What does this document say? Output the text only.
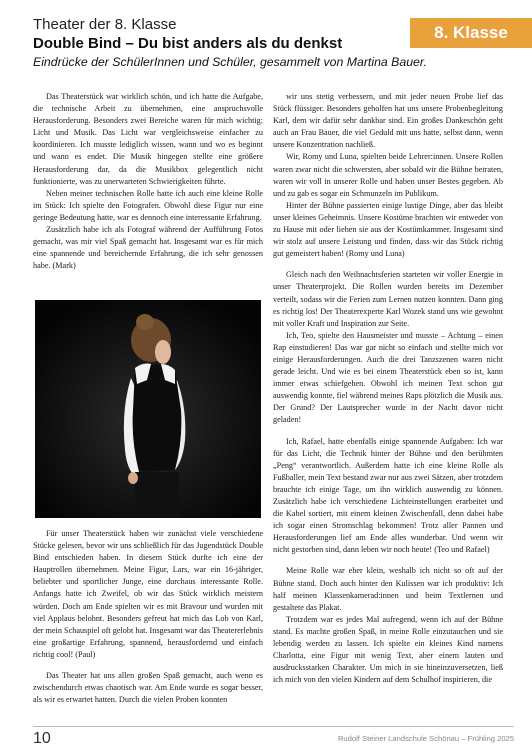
Theater der 8. Klasse
Double Bind – Du bist anders als du denkst
Eindrücke der SchülerInnen und Schüler, gesammelt von Martina Bauer.
8. Klasse

Das Theaterstück war wirklich schön, und ich hatte die Aufgabe, die technische Arbeit zu übernehmen, eine anspruchsvolle Herausforderung. Besonders zwei Bereiche waren für mich wichtig: Licht und Musik. Das Licht war vergleichsweise einfacher zu koordinieren. Ich musste lediglich wissen, wann und wo es beginnt und wann es endet. Die Musik hingegen stellte eine größere Herausforderung dar, da die Musikbox gelegentlich nicht funktionierte, was zu unerwarteten Schwierigkeiten führte.

Neben meiner technischen Rolle hatte ich auch eine kleine Rolle im Stück: Ich spielte den Fotografen. Obwohl diese Figur nur eine geringe Bedeutung hatte, war es dennoch eine interessante Erfahrung.

Zusätzlich habe ich als Fotograf während der Aufführung Fotos gemacht, was mir viel Spaß gemacht hat. Insgesamt war es für mich eine spannende und bereichernde Erfahrung, die ich sehr genossen habe. (Mark)

Für unser Theaterstück haben wir zunächst viele verschiedene Stücke gelesen, bevor wir uns schließlich für das Jugendstück Double Bind entschieden haben. In diesem Stück durfte ich eine der Hauptrollen übernehmen. Meine Figur, Lars, war ein 16-jähriger, beliebter und sportlicher Junge, eine durchaus interessante Rolle. Anfangs hatte ich Zweifel, ob wir das Stück wirklich meistern würden. Doch am Ende spielten wir es mit Bravour und wurden mit viel Applaus belohnt. Besonders gefreut hat mich das Lob von Karl, der mein Schauspiel oft gelobt hat. Insgesamt war das Theatererlebnis eine großartige Erfahrung, spannend, herausfordernd und einfach richtig cool! (Paul)

Das Theater hat uns allen großen Spaß gemacht, auch wenn es zwischendurch etwas chaotisch war. Am Ende wurde es sogar besser, als wir es erwartet hatten. Durch die vielen Proben konnten

wir uns stetig verbessern, und mit jeder neuen Probe lief das Stück flüssiger. Besonders geholfen hat uns unsere Probenbegleitung Karl, dem wir dafür sehr dankbar sind. Ein großes Dankeschön geht auch an Frau Bauer, die viel Geduld mit uns hatte, selbst dann, wenn unsere Konzentration nachließ.

Wir, Romy und Luna, spielten beide Lehrer:innen. Unsere Rollen waren zwar nicht die schwersten, aber sobald wir die Bühne betraten, waren wir voll in unserer Rolle und haben unser Bestes gegeben. Ab und zu gab es sogar ein Schmunzeln im Publikum.

Hinter der Bühne passierten einige lustige Dinge, aber das bleibt unser kleines Geheimnis. Unsere Kostüme brachten wir entweder von zu Hause mit oder liehen sie aus der Kostümkammer. Insgesamt sind wir stolz auf unsere Leistung und finden, dass wir das Stück richtig gut gemeistert haben! (Romy und Luna)

Gleich nach den Weihnachtsferien starteten wir voller Energie in unser Theaterprojekt. Die Rollen wurden bereits im Dezember verteilt, sodass wir die Ferien zum Lernen nutzen konnten. Dann ging es richtig los! Der Theaterexperte Karl Wozek stand uns wie gewohnt mit voller Kraft und Inspiration zur Seite.

Ich, Teo, spielte den Hausmeister und musste – Achtung – einen Rap einstudieren! Das war gar nicht so einfach und stellte mich vor einige Herausforderungen. Auch die drei Tanzszenen waren nicht gerade leicht. Und wie es bei einem Theaterstück eben so ist, kann immer etwas schiefgehen. Obwohl ich meinen Text schon gut auswendig konnte, fiel während meines Raps plötzlich die Musik aus. Der Grund? Der Lautsprecher wurde in der Nacht davor nicht geladen!

Ich, Rafael, hatte ebenfalls einige spannende Aufgaben: Ich war für das Licht, die Technik hinter der Bühne und den berühmten „Peng“ verantwortlich. Außerdem hatte ich eine kleine Rolle als Fußballer, mein Text bestand zwar nur aus zwei Sätzen, aber trotzdem brauchte ich einige Tage, um ihn wirklich auswendig zu können. Zusätzlich habe ich verschiedene Lichteinstellungen erarbeitet und die Kabel sortiert, mit einem kleinen Zwischenfall, denn dabei habe ich sogar einen Stromschlag bekommen! Trotz aller Pannen und Herausforderungen lief am Ende alles wunderbar. Und wenn wir nicht gestorben sind, dann leben wir noch heute! (Teo und Rafael)

Meine Rolle war eher klein, weshalb ich nicht so oft auf der Bühne stand. Doch auch hinter den Kulissen war ich produktiv: Ich half meinen Klassenkamerad:innen und beim Textlernen und gestaltete das Plakat.

Trotzdem war es jedes Mal aufregend, wenn ich auf der Bühne stand. Es machte großen Spaß, in meine Rolle einzutauchen und sie lebendig werden zu lassen. Ich spielte ein kleines Kind namens Charlotta, eine Figur mit wenig Text, aber einem lauten und ausdrucksstarken Charakter. Um mich in sie hineinzuversetzen, ließ ich mich von den vielen Kindern auf dem Schulhof inspirieren, die

10	Rudolf Steiner Landschule Schönau – Frühling 2025
